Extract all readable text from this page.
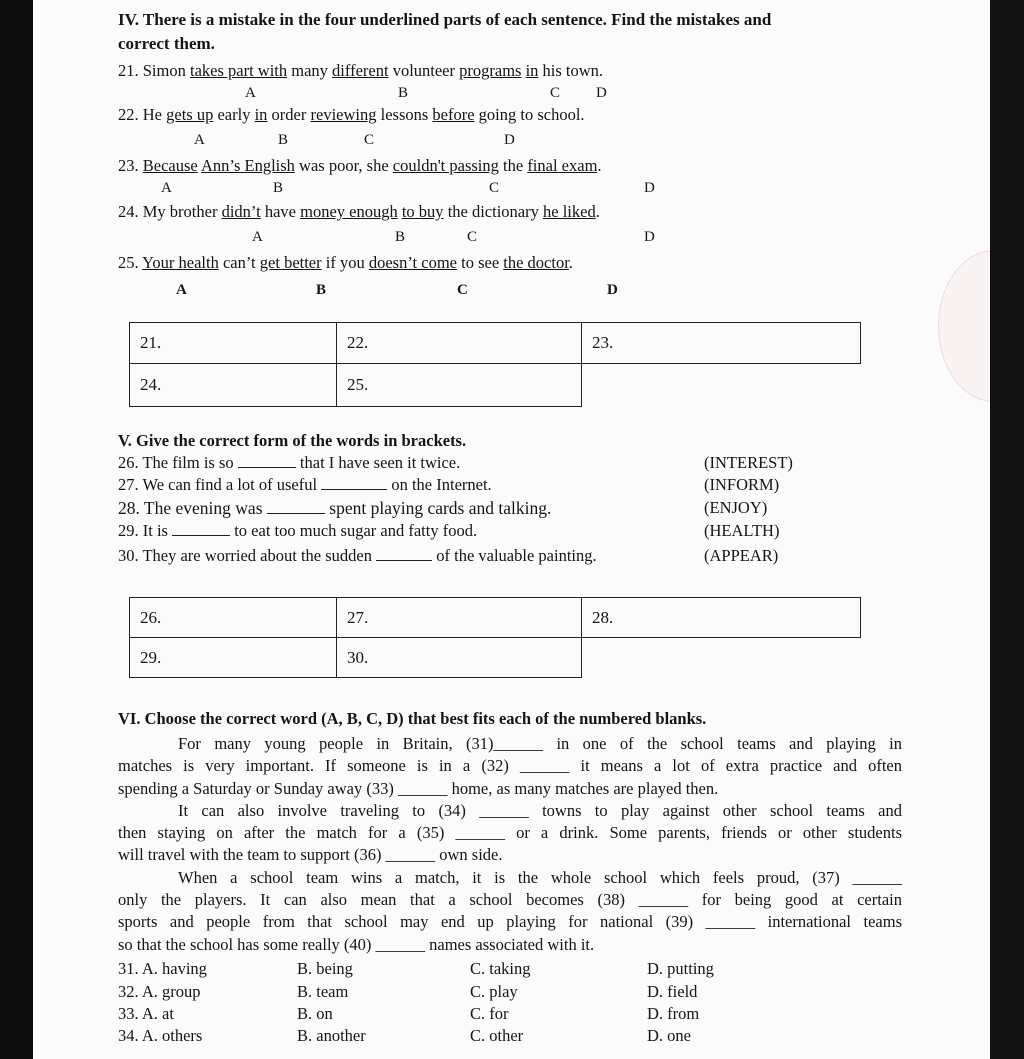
IV. There is a mistake in the four underlined parts of each sentence. Find the mistakes and
correct them.
21. Simon takes part with many different volunteer programs in his town.
A	B	C D
22. He gets up early in order reviewing lessons before going to school.
A	B	C	D
23. Because Ann’s English was poor, she couldn't passing the final exam.
A	B	C	D
24. My brother didn’t have money enough to buy the dictionary he liked.
A	B	C	D
25. Your health can’t get better if you doesn’t come to see the doctor.
A	B	C	D
21.	22.	23.
24.	25.	
V. Give the correct form of the words in brackets.
26. The film is so	that I have seen it twice.	(INTEREST)
27. We can find a lot of useful	on the Internet.	(INFORM)
28. The evening was	spent playing cards and talking.	(ENJOY)
29. It is	to eat too much sugar and fatty food.	(HEALTH)
30. They are worried about the sudden	of the valuable painting.	(APPEAR)
26.	27.	28.
29.	30.	
VI. Choose the correct word (A, B, C, D) that best fits each of the numbered blanks.
For many young people in Britain, (31)______ in one of the school teams and playing in
matches is very important. If someone is in a (32) ______ it means a lot of extra practice and often
spending a Saturday or Sunday away (33) ______ home, as many matches are played then.
It can also involve traveling to (34) ______ towns to play against other school teams and
then staying on after the match for a (35) ______ or a drink. Some parents, friends or other students
will travel with the team to support (36) ______ own side.
When a school team wins a match, it is the whole school which feels proud, (37) ______
only the players. It can also mean that a school becomes (38) ______ for being good at certain
sports and people from that school may end up playing for national (39) ______ international teams
so that the school has some really (40) ______ names associated with it.
31. A. having	B. being	C. taking	D. putting
32. A. group	B. team	C. play	D. field
33. A. at	B. on	C. for	D. from
34. A. others	B. another	C. other	D. one
